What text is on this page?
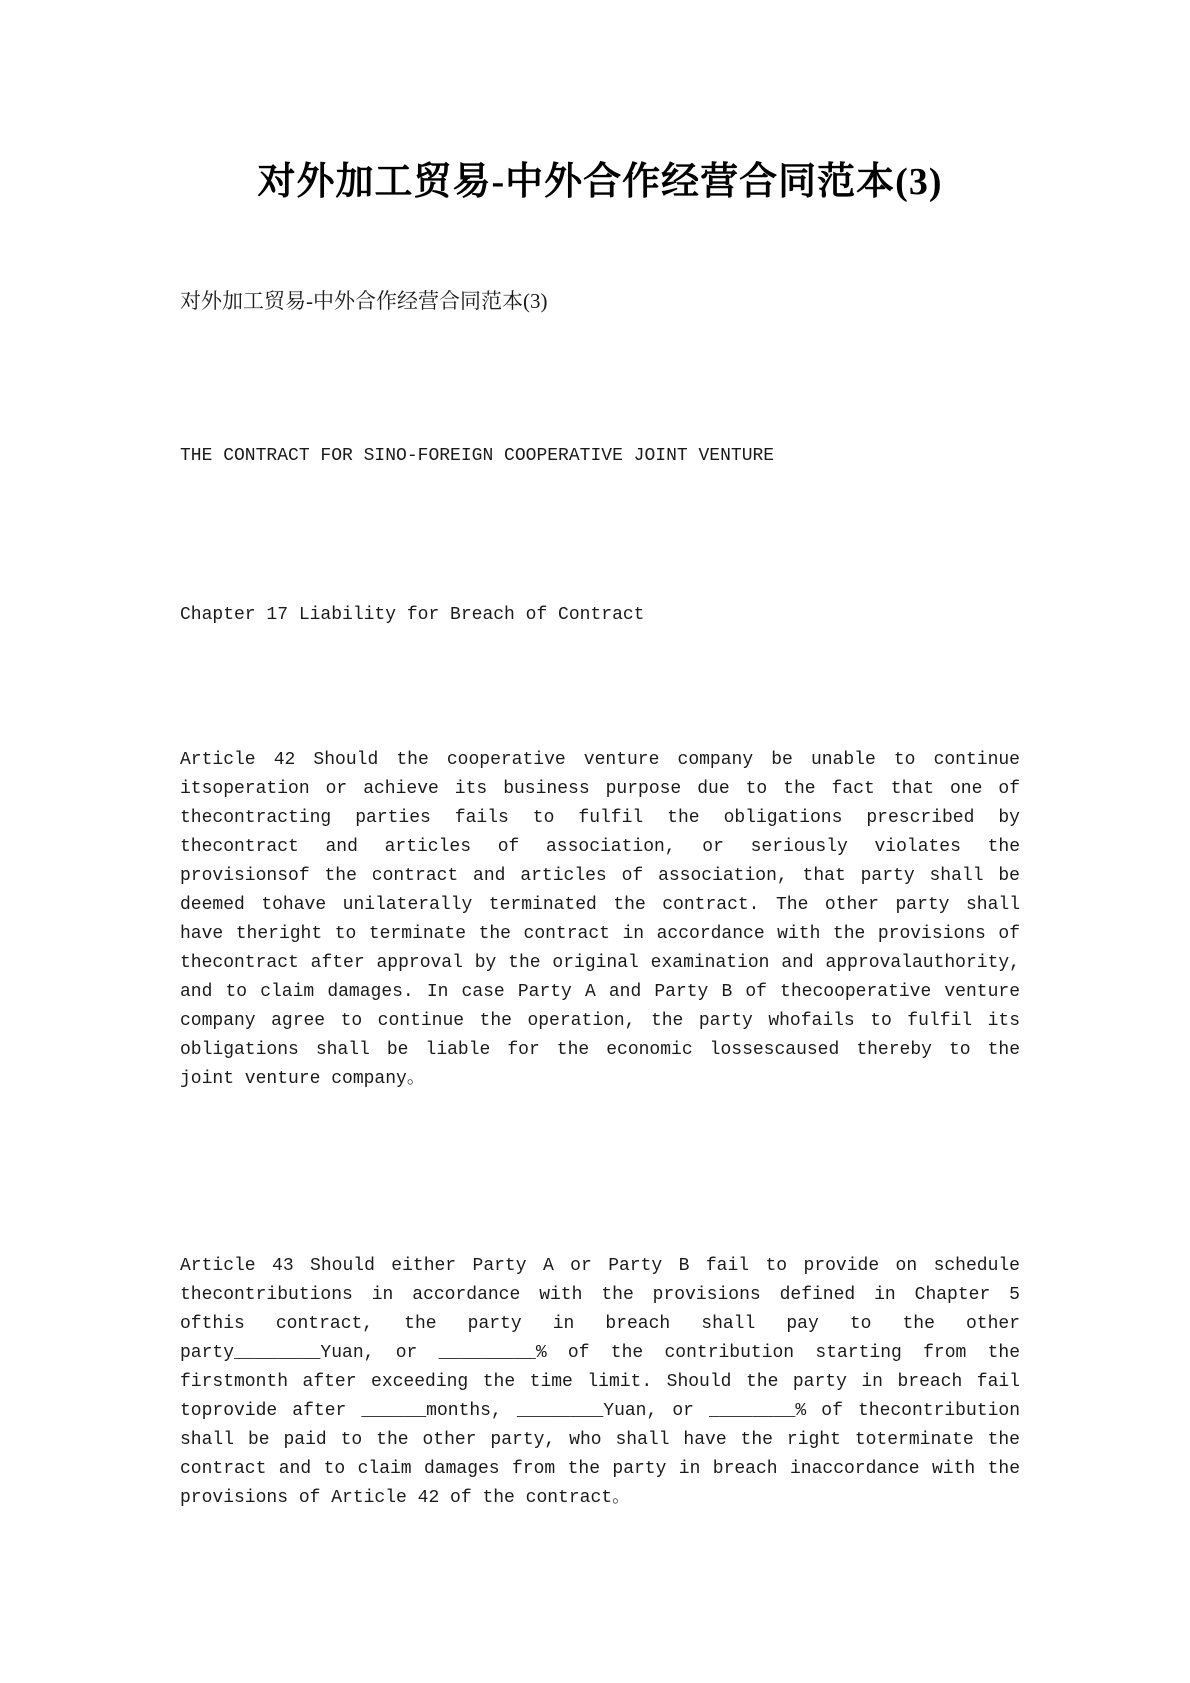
对外加工贸易-中外合作经营合同范本(3)

对外加工贸易-中外合作经营合同范本(3)

THE CONTRACT FOR SINO-FOREIGN COOPERATIVE JOINT VENTURE

Chapter 17 Liability for Breach of Contract

Article 42 Should the cooperative venture company be unable to continue itsoperation or achieve its business purpose due to the fact that one of thecontracting parties fails to fulfil the obligations prescribed by thecontract and articles of association, or seriously violates the provisionsof the contract and articles of association, that party shall be deemed tohave unilaterally terminated the contract. The other party shall have theright to terminate the contract in accordance with the provisions of thecontract after approval by the original examination and approvalauthority, and to claim damages. In case Party A and Party B of thecooperative venture company agree to continue the operation, the party whofails to fulfil its obligations shall be liable for the economic lossescaused thereby to the joint venture company。

Article 43 Should either Party A or Party B fail to provide on schedule thecontributions in accordance with the provisions defined in Chapter 5 ofthis contract, the party in breach shall pay to the other party________Yuan, or _________% of the contribution starting from the firstmonth after exceeding the time limit. Should the party in breach fail toprovide after ______months, ________Yuan, or ________% of thecontribution shall be paid to the other party, who shall have the right toterminate the contract and to claim damages from the party in breach inaccordance with the provisions of Article 42 of the contract。
